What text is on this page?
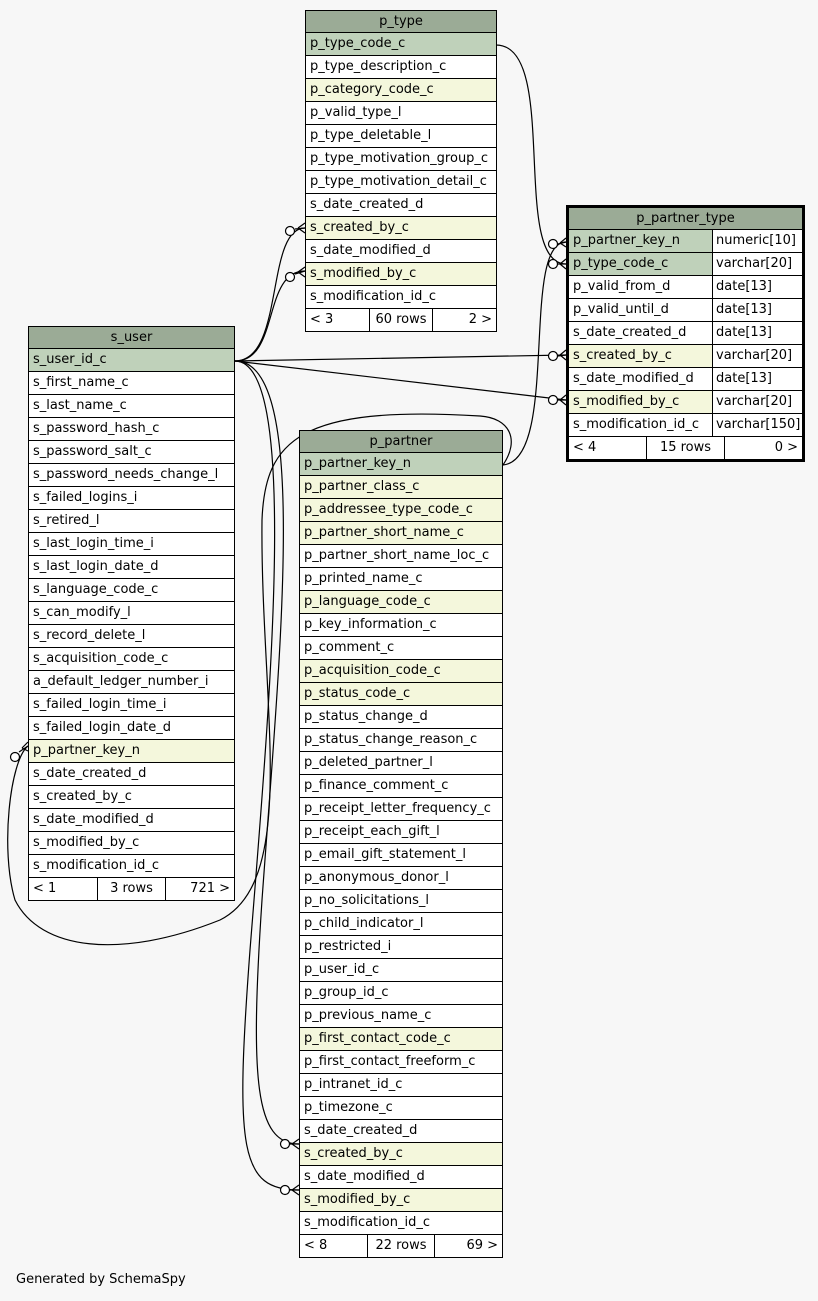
p_type
p_type_code_c
p_type_description_c
p_category_code_c
p_valid_type_l
p_type_deletable_l
p_type_motivation_group_c
p_type_motivation_detail_c
s_date_created_d
s_created_by_c
s_date_modified_d
s_modified_by_c
s_modification_id_c
< 3	60 rows	2 >
p_partner_type
p_partner_key_n	numeric[10]
p_type_code_c	varchar[20]
p_valid_from_d	date[13]
p_valid_until_d	date[13]
s_date_created_d	date[13]
s_created_by_c	varchar[20]
s_date_modified_d	date[13]
s_modified_by_c	varchar[20]
s_modification_id_c	varchar[150]
< 4	15 rows	0 >
s_user
s_user_id_c
s_first_name_c
s_last_name_c
s_password_hash_c
s_password_salt_c
s_password_needs_change_l
s_failed_logins_i
s_retired_l
s_last_login_time_i
s_last_login_date_d
s_language_code_c
s_can_modify_l
s_record_delete_l
s_acquisition_code_c
a_default_ledger_number_i
s_failed_login_time_i
s_failed_login_date_d
p_partner_key_n
s_date_created_d
s_created_by_c
s_date_modified_d
s_modified_by_c
s_modification_id_c
< 1	3 rows	721 >
p_partner
p_partner_key_n
p_partner_class_c
p_addressee_type_code_c
p_partner_short_name_c
p_partner_short_name_loc_c
p_printed_name_c
p_language_code_c
p_key_information_c
p_comment_c
p_acquisition_code_c
p_status_code_c
p_status_change_d
p_status_change_reason_c
p_deleted_partner_l
p_finance_comment_c
p_receipt_letter_frequency_c
p_receipt_each_gift_l
p_email_gift_statement_l
p_anonymous_donor_l
p_no_solicitations_l
p_child_indicator_l
p_restricted_i
p_user_id_c
p_group_id_c
p_previous_name_c
p_first_contact_code_c
p_first_contact_freeform_c
p_intranet_id_c
p_timezone_c
s_date_created_d
s_created_by_c
s_date_modified_d
s_modified_by_c
s_modification_id_c
< 8	22 rows	69 >
Generated by SchemaSpy
